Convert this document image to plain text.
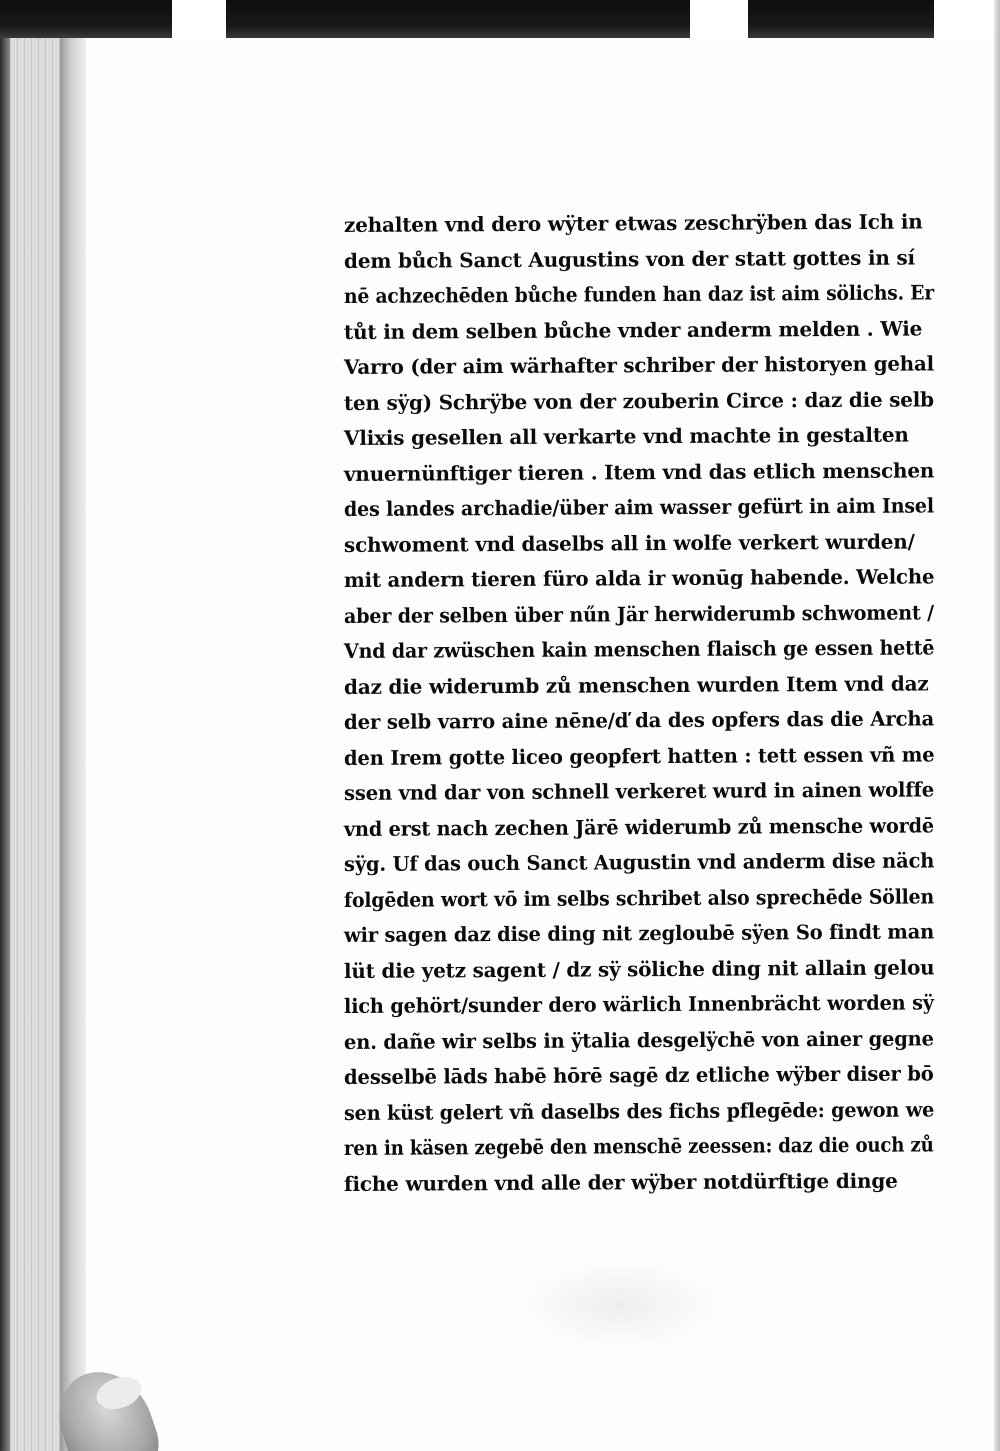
zehalten vnd dero wÿter etwas zeschrÿben das Ich in
dem bůch Sanct Augustins von der statt gottes in sí
nē achzechēden bůche funden han daz ist aim sölichs. Er
tůt in dem selben bůche vnder anderm melden . Wie
Varro (der aim wärhafter schriber der historyen gehal
ten sÿg) Schrÿbe von der zouberin Circe : daz die selb
Vlixis gesellen all verkarte vnd machte in gestalten
vnuernünftiger tieren . Item vnd das etlich menschen
des landes archadie/über aim wasser gefürt in aim Insel
schwoment vnd daselbs all in wolfe verkert wurden/
mit andern tieren füro alda ir wonūg habende. Welche
aber der selben über nűn Jär herwiderumb schwoment /
Vnd dar zwüschen kain menschen flaisch ge essen hettē
daz die widerumb zů menschen wurden Item vnd daz
der selb varro aine nēne/ď da des opfers das die Archa
den Irem gotte liceo geopfert hatten : tett essen vñ me
ssen vnd dar von schnell verkeret wurd in ainen wolffe
vnd erst nach zechen Järē widerumb zů mensche wordē
sÿg. Uf das ouch Sanct Augustin vnd anderm dise näch
folgēden wort vō im selbs schribet also sprechēde Söllen
wir sagen daz dise ding nit zegloubē sÿen So findt man
lüt die yetz sagent / dz sÿ söliche ding nit allain gelou
lich gehört/sunder dero wärlich Innenbrächt worden sÿ
en. dañe wir selbs in ÿtalia desgelÿchē von ainer gegne
desselbē lāds habē hōrē sagē dz etliche wÿber diser bō
sen küst gelert vñ daselbs des fichs pflegēde: gewon we
ren in käsen zegebē den menschē zeessen: daz die ouch zů
fiche wurden vnd alle der wÿber notdürftige dinge
